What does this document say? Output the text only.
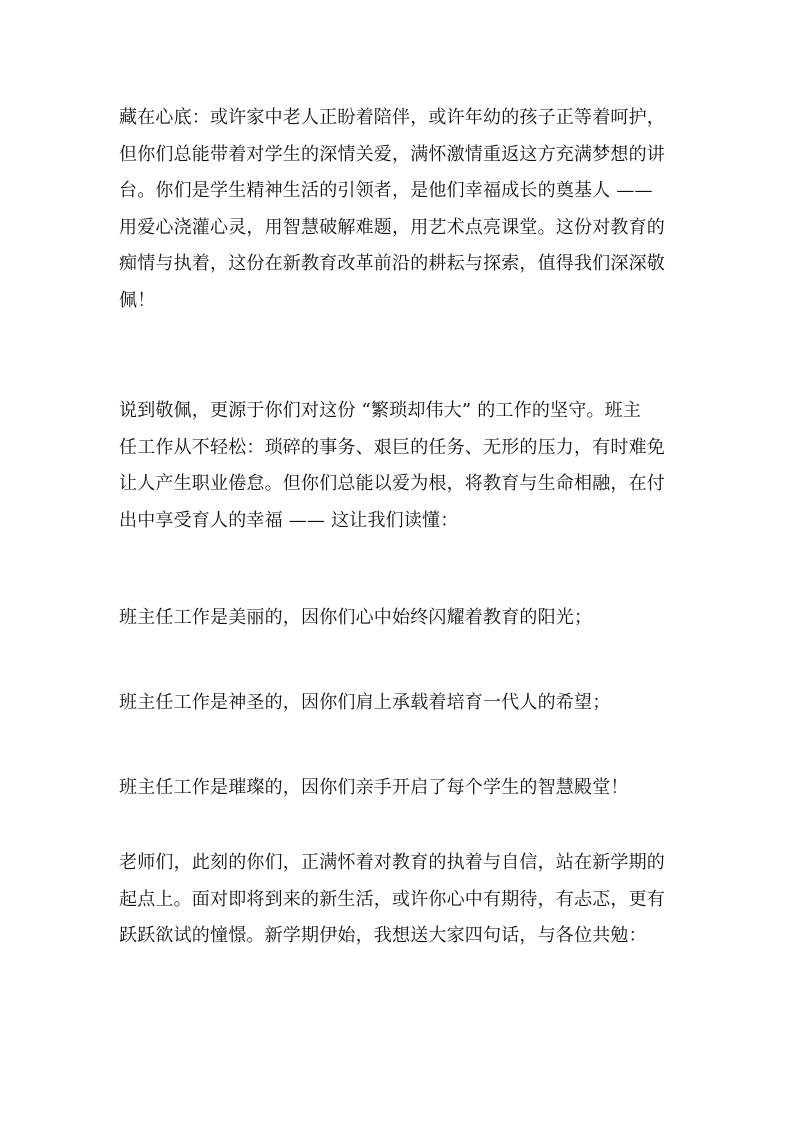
藏在心底：或许家中老人正盼着陪伴，或许年幼的孩子正等着呵护，
但你们总能带着对学生的深情关爱，满怀激情重返这方充满梦想的讲
台。你们是学生精神生活的引领者，是他们幸福成长的奠基人 ——
用爱心浇灌心灵，用智慧破解难题，用艺术点亮课堂。这份对教育的
痴情与执着，这份在新教育改革前沿的耕耘与探索，值得我们深深敬
佩！
说到敬佩，更源于你们对这份 “繁琐却伟大” 的工作的坚守。班主
任工作从不轻松：琐碎的事务、艰巨的任务、无形的压力，有时难免
让人产生职业倦怠。但你们总能以爱为根，将教育与生命相融，在付
出中享受育人的幸福 —— 这让我们读懂：
班主任工作是美丽的，因你们心中始终闪耀着教育的阳光；
班主任工作是神圣的，因你们肩上承载着培育一代人的希望；
班主任工作是璀璨的，因你们亲手开启了每个学生的智慧殿堂！
老师们，此刻的你们，正满怀着对教育的执着与自信，站在新学期的
起点上。面对即将到来的新生活，或许你心中有期待，有忐忑，更有
跃跃欲试的憧憬。新学期伊始，我想送大家四句话，与各位共勉：
